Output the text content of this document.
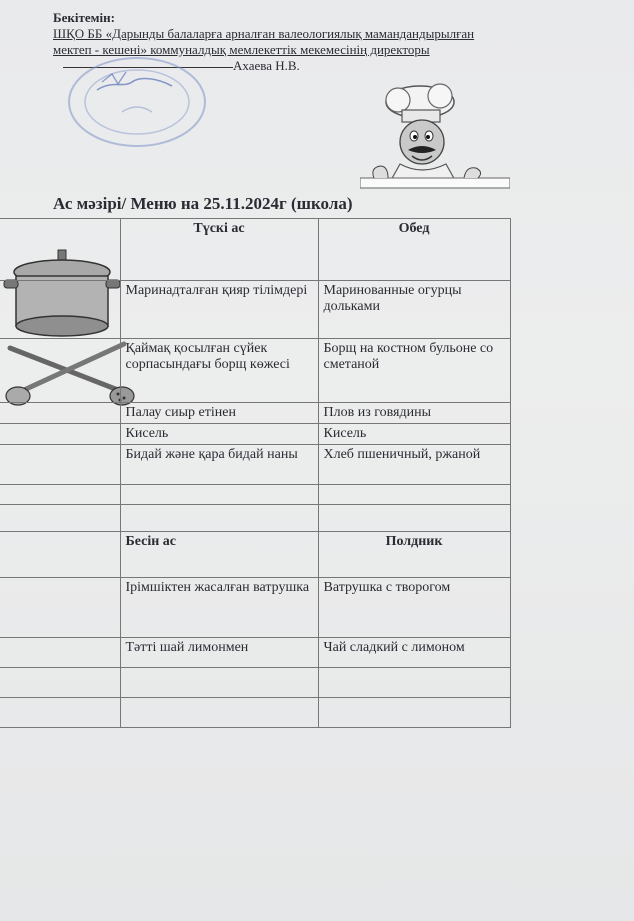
Бекітемін:
ШҚО ББ «Дарынды балаларға арналған валеологиялық мамандандырылған
мектеп - кешені» коммуналдық мемлекеттік мекемесінің директоры
Ахаева Н.В.
Ас мәзірі/ Меню на 25.11.2024г (школа)
	Түскі ас	Обед
	Маринадталған қияр тілімдері	Маринованные огурцы дольками
	Қаймақ қосылған сүйек сорпасындағы борщ көжесі	Борщ на костном бульоне со сметаной
	Палау сиыр етінен	Плов из говядины
	Кисель	Кисель
	Бидай және қара бидай наны	Хлеб пшеничный, ржаной

	Бесін ас	Полдник
	Ірімшіктен жасалған ватрушка	Ватрушка с творогом
	Тәтті шай лимонмен	Чай сладкий с лимоном
